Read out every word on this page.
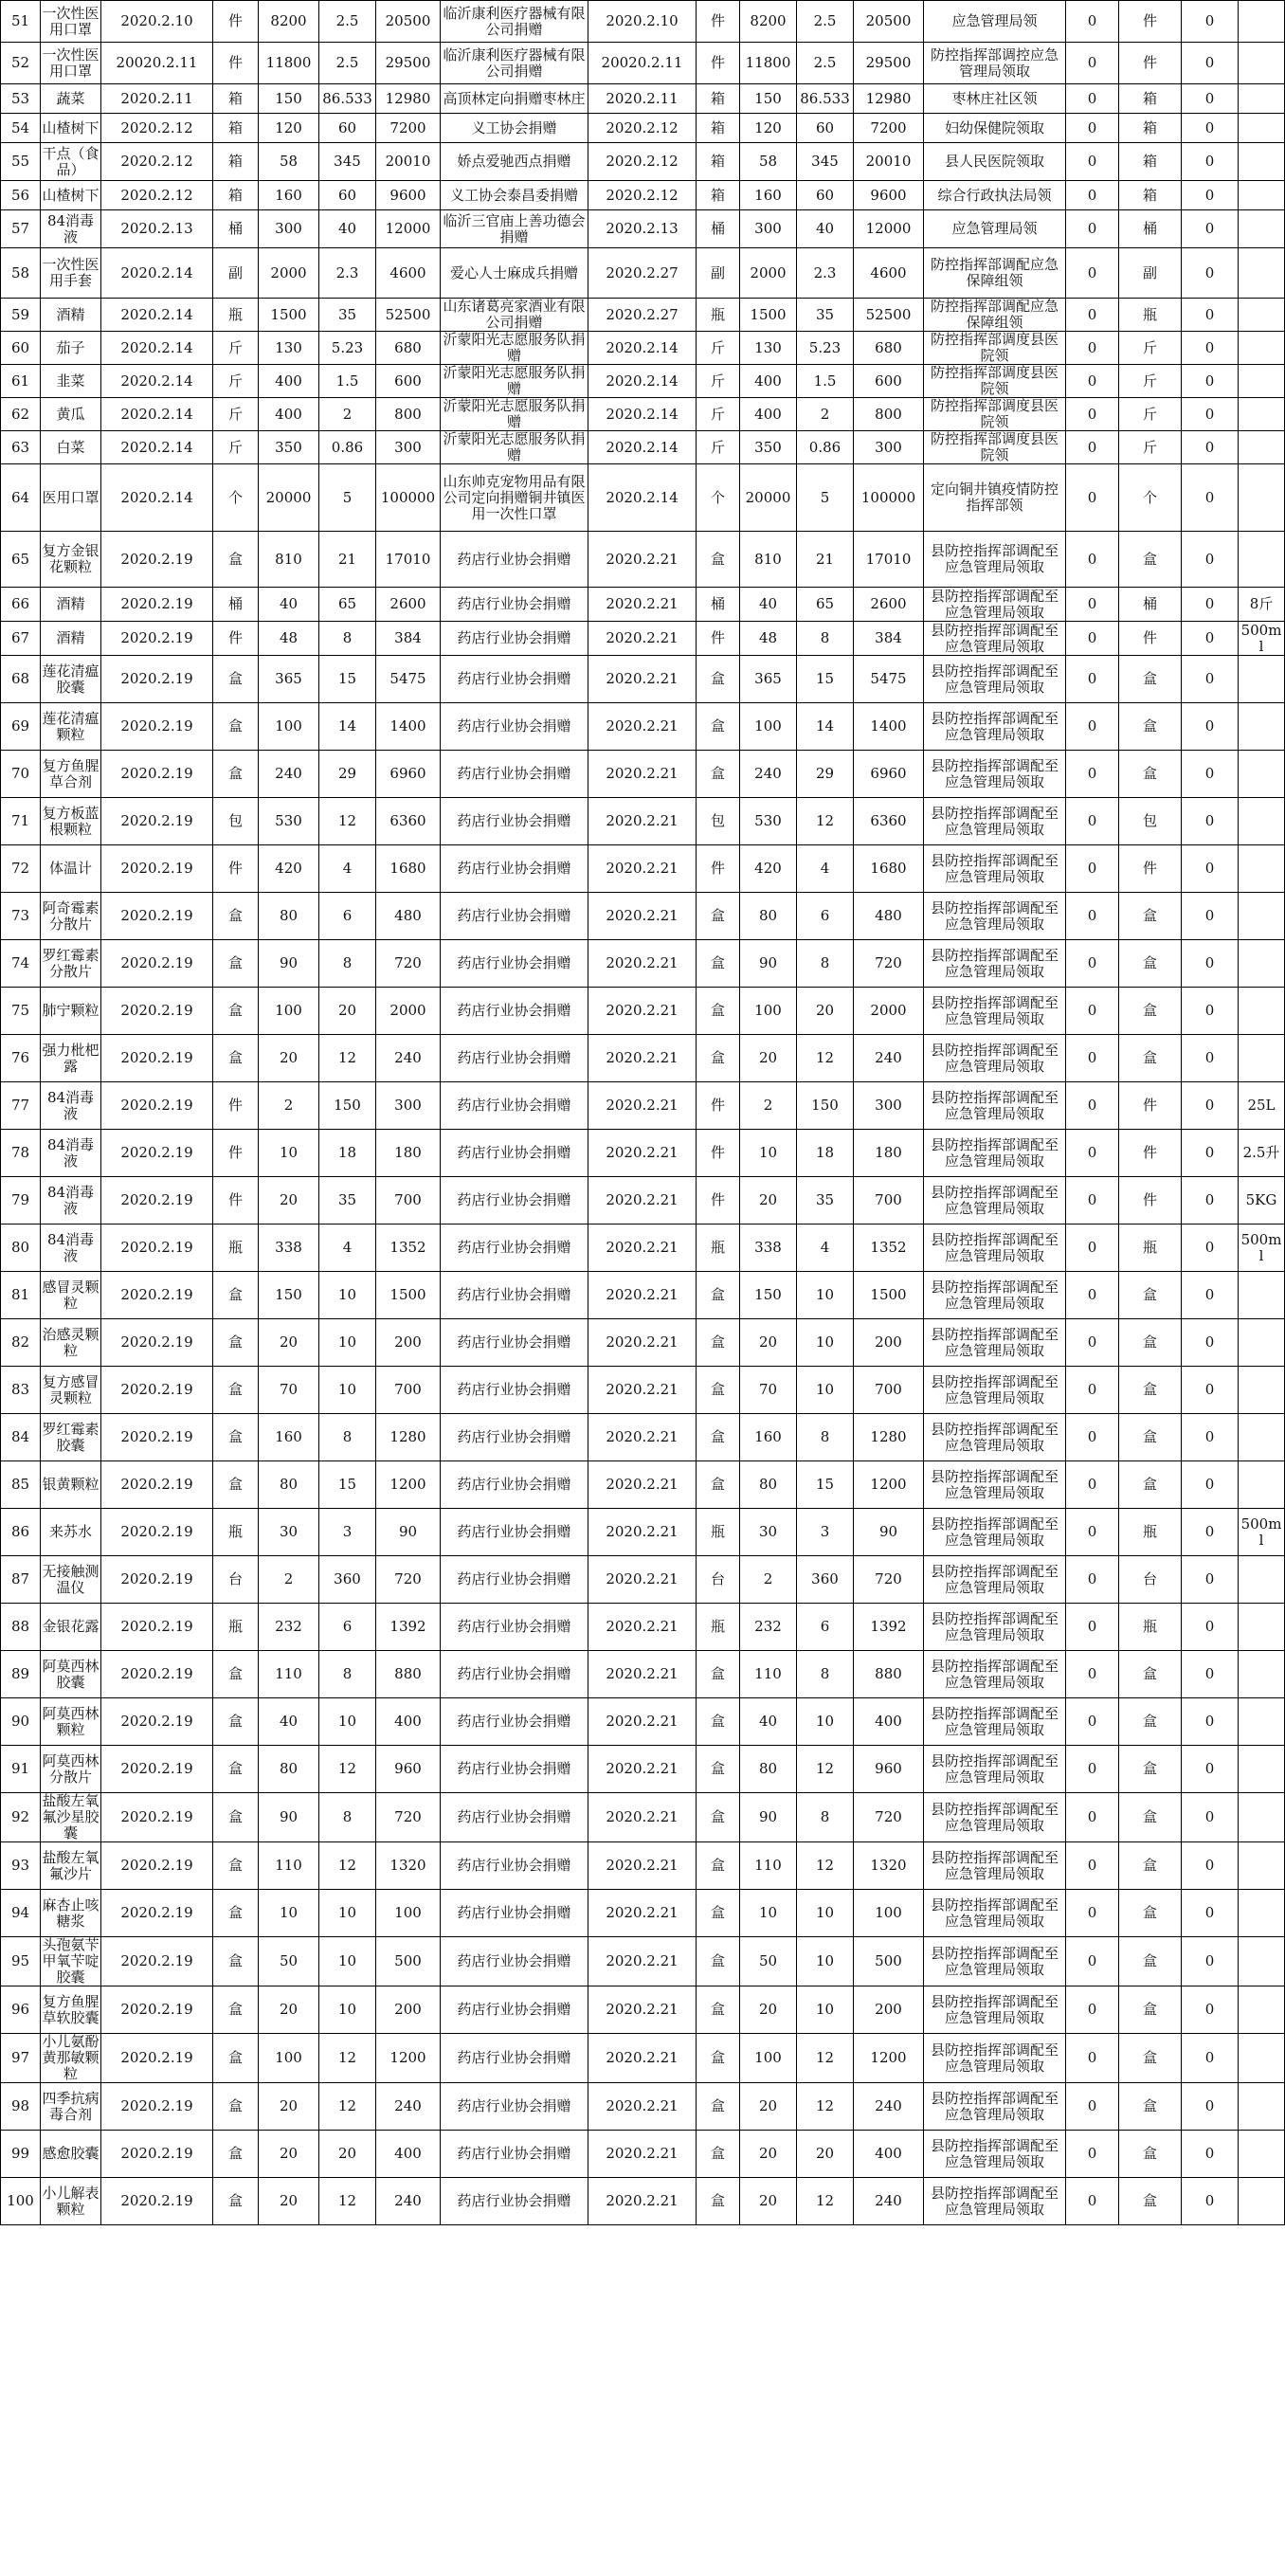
51	一次性医用口罩	2020.2.10	件	8200	2.5	20500	临沂康利医疗器械有限公司捐赠	2020.2.10	件	8200	2.5	20500	应急管理局领	0	件	0	
52	一次性医用口罩	20020.2.11	件	11800	2.5	29500	临沂康利医疗器械有限公司捐赠	20020.2.11	件	11800	2.5	29500	防控指挥部调控应急管理局领取	0	件	0	
53	蔬菜	2020.2.11	箱	150	86.533	12980	高顶林定向捐赠枣林庄	2020.2.11	箱	150	86.533	12980	枣林庄社区领	0	箱	0	
54	山楂树下	2020.2.12	箱	120	60	7200	义工协会捐赠	2020.2.12	箱	120	60	7200	妇幼保健院领取	0	箱	0	
55	干点（食品）	2020.2.12	箱	58	345	20010	娇点爱驰西点捐赠	2020.2.12	箱	58	345	20010	县人民医院领取	0	箱	0	
56	山楂树下	2020.2.12	箱	160	60	9600	义工协会泰昌委捐赠	2020.2.12	箱	160	60	9600	综合行政执法局领	0	箱	0	
57	84消毒液	2020.2.13	桶	300	40	12000	临沂三官庙上善功德会 捐赠	2020.2.13	桶	300	40	12000	应急管理局领	0	桶	0	
58	一次性医用手套	2020.2.14	副	2000	2.3	4600	爱心人士麻成兵捐赠	2020.2.27	副	2000	2.3	4600	防控指挥部调配应急保障组领	0	副	0	
59	酒精	2020.2.14	瓶	1500	35	52500	山东诸葛亮家酒业有限公司捐赠	2020.2.27	瓶	1500	35	52500	防控指挥部调配应急保障组领	0	瓶	0	
60	茄子	2020.2.14	斤	130	5.23	680	沂蒙阳光志愿服务队捐赠	2020.2.14	斤	130	5.23	680	防控指挥部调度县医院领	0	斤	0	
61	韭菜	2020.2.14	斤	400	1.5	600	沂蒙阳光志愿服务队捐赠	2020.2.14	斤	400	1.5	600	防控指挥部调度县医院领	0	斤	0	
62	黄瓜	2020.2.14	斤	400	2	800	沂蒙阳光志愿服务队捐赠	2020.2.14	斤	400	2	800	防控指挥部调度县医院领	0	斤	0	
63	白菜	2020.2.14	斤	350	0.86	300	沂蒙阳光志愿服务队捐赠	2020.2.14	斤	350	0.86	300	防控指挥部调度县医院领	0	斤	0	
64	医用口罩	2020.2.14	个	20000	5	100000	山东帅克宠物用品有限公司定向捐赠铜井镇医用一次性口罩	2020.2.14	个	20000	5	100000	定向铜井镇疫情防控指挥部领	0	个	0	
65	复方金银花颗粒	2020.2.19	盒	810	21	17010	药店行业协会捐赠	2020.2.21	盒	810	21	17010	县防控指挥部调配至应急管理局领取	0	盒	0	
66	酒精	2020.2.19	桶	40	65	2600	药店行业协会捐赠	2020.2.21	桶	40	65	2600	县防控指挥部调配至应急管理局领取	0	桶	0	8斤
67	酒精	2020.2.19	件	48	8	384	药店行业协会捐赠	2020.2.21	件	48	8	384	县防控指挥部调配至应急管理局领取	0	件	0	500ml
68	莲花清瘟胶囊	2020.2.19	盒	365	15	5475	药店行业协会捐赠	2020.2.21	盒	365	15	5475	县防控指挥部调配至应急管理局领取	0	盒	0	
69	莲花清瘟颗粒	2020.2.19	盒	100	14	1400	药店行业协会捐赠	2020.2.21	盒	100	14	1400	县防控指挥部调配至应急管理局领取	0	盒	0	
70	复方鱼腥草合剂	2020.2.19	盒	240	29	6960	药店行业协会捐赠	2020.2.21	盒	240	29	6960	县防控指挥部调配至应急管理局领取	0	盒	0	
71	复方板蓝根颗粒	2020.2.19	包	530	12	6360	药店行业协会捐赠	2020.2.21	包	530	12	6360	县防控指挥部调配至应急管理局领取	0	包	0	
72	体温计	2020.2.19	件	420	4	1680	药店行业协会捐赠	2020.2.21	件	420	4	1680	县防控指挥部调配至应急管理局领取	0	件	0	
73	阿奇霉素分散片	2020.2.19	盒	80	6	480	药店行业协会捐赠	2020.2.21	盒	80	6	480	县防控指挥部调配至应急管理局领取	0	盒	0	
74	罗红霉素分散片	2020.2.19	盒	90	8	720	药店行业协会捐赠	2020.2.21	盒	90	8	720	县防控指挥部调配至应急管理局领取	0	盒	0	
75	肺宁颗粒	2020.2.19	盒	100	20	2000	药店行业协会捐赠	2020.2.21	盒	100	20	2000	县防控指挥部调配至应急管理局领取	0	盒	0	
76	强力枇杷露	2020.2.19	盒	20	12	240	药店行业协会捐赠	2020.2.21	盒	20	12	240	县防控指挥部调配至应急管理局领取	0	盒	0	
77	84消毒液	2020.2.19	件	2	150	300	药店行业协会捐赠	2020.2.21	件	2	150	300	县防控指挥部调配至应急管理局领取	0	件	0	25L
78	84消毒液	2020.2.19	件	10	18	180	药店行业协会捐赠	2020.2.21	件	10	18	180	县防控指挥部调配至应急管理局领取	0	件	0	2.5升
79	84消毒液	2020.2.19	件	20	35	700	药店行业协会捐赠	2020.2.21	件	20	35	700	县防控指挥部调配至应急管理局领取	0	件	0	5KG
80	84消毒液	2020.2.19	瓶	338	4	1352	药店行业协会捐赠	2020.2.21	瓶	338	4	1352	县防控指挥部调配至应急管理局领取	0	瓶	0	500ml
81	感冒灵颗粒	2020.2.19	盒	150	10	1500	药店行业协会捐赠	2020.2.21	盒	150	10	1500	县防控指挥部调配至应急管理局领取	0	盒	0	
82	治感灵颗粒	2020.2.19	盒	20	10	200	药店行业协会捐赠	2020.2.21	盒	20	10	200	县防控指挥部调配至应急管理局领取	0	盒	0	
83	复方感冒灵颗粒	2020.2.19	盒	70	10	700	药店行业协会捐赠	2020.2.21	盒	70	10	700	县防控指挥部调配至应急管理局领取	0	盒	0	
84	罗红霉素胶囊	2020.2.19	盒	160	8	1280	药店行业协会捐赠	2020.2.21	盒	160	8	1280	县防控指挥部调配至应急管理局领取	0	盒	0	
85	银黄颗粒	2020.2.19	盒	80	15	1200	药店行业协会捐赠	2020.2.21	盒	80	15	1200	县防控指挥部调配至应急管理局领取	0	盒	0	
86	来苏水	2020.2.19	瓶	30	3	90	药店行业协会捐赠	2020.2.21	瓶	30	3	90	县防控指挥部调配至应急管理局领取	0	瓶	0	500ml
87	无接触测温仪	2020.2.19	台	2	360	720	药店行业协会捐赠	2020.2.21	台	2	360	720	县防控指挥部调配至应急管理局领取	0	台	0	
88	金银花露	2020.2.19	瓶	232	6	1392	药店行业协会捐赠	2020.2.21	瓶	232	6	1392	县防控指挥部调配至应急管理局领取	0	瓶	0	
89	阿莫西林胶囊	2020.2.19	盒	110	8	880	药店行业协会捐赠	2020.2.21	盒	110	8	880	县防控指挥部调配至应急管理局领取	0	盒	0	
90	阿莫西林颗粒	2020.2.19	盒	40	10	400	药店行业协会捐赠	2020.2.21	盒	40	10	400	县防控指挥部调配至应急管理局领取	0	盒	0	
91	阿莫西林分散片	2020.2.19	盒	80	12	960	药店行业协会捐赠	2020.2.21	盒	80	12	960	县防控指挥部调配至应急管理局领取	0	盒	0	
92	盐酸左氧氟沙星胶囊	2020.2.19	盒	90	8	720	药店行业协会捐赠	2020.2.21	盒	90	8	720	县防控指挥部调配至应急管理局领取	0	盒	0	
93	盐酸左氧氟沙片	2020.2.19	盒	110	12	1320	药店行业协会捐赠	2020.2.21	盒	110	12	1320	县防控指挥部调配至应急管理局领取	0	盒	0	
94	麻杏止咳糖浆	2020.2.19	盒	10	10	100	药店行业协会捐赠	2020.2.21	盒	10	10	100	县防控指挥部调配至应急管理局领取	0	盒	0	
95	头孢氨苄甲氧苄啶胶囊	2020.2.19	盒	50	10	500	药店行业协会捐赠	2020.2.21	盒	50	10	500	县防控指挥部调配至应急管理局领取	0	盒	0	
96	复方鱼腥草软胶囊	2020.2.19	盒	20	10	200	药店行业协会捐赠	2020.2.21	盒	20	10	200	县防控指挥部调配至应急管理局领取	0	盒	0	
97	小儿氨酚黄那敏颗粒	2020.2.19	盒	100	12	1200	药店行业协会捐赠	2020.2.21	盒	100	12	1200	县防控指挥部调配至应急管理局领取	0	盒	0	
98	四季抗病毒合剂	2020.2.19	盒	20	12	240	药店行业协会捐赠	2020.2.21	盒	20	12	240	县防控指挥部调配至应急管理局领取	0	盒	0	
99	感愈胶囊	2020.2.19	盒	20	20	400	药店行业协会捐赠	2020.2.21	盒	20	20	400	县防控指挥部调配至应急管理局领取	0	盒	0	
100	小儿解表颗粒	2020.2.19	盒	20	12	240	药店行业协会捐赠	2020.2.21	盒	20	12	240	县防控指挥部调配至应急管理局领取	0	盒	0	
